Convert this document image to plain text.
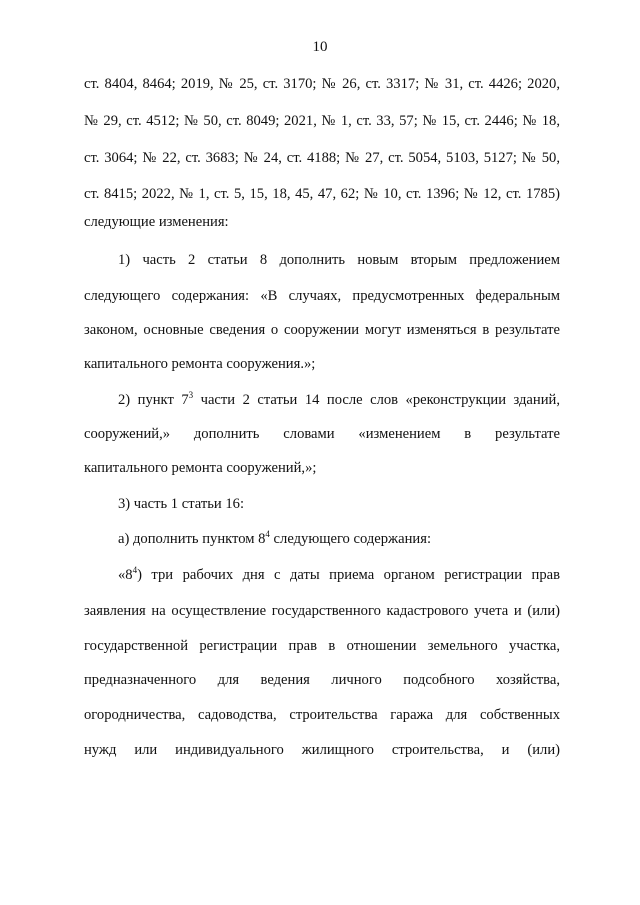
10
ст. 8404, 8464; 2019, № 25, ст. 3170; № 26, ст. 3317; № 31, ст. 4426; 2020,
№ 29, ст. 4512; № 50, ст. 8049; 2021, № 1, ст. 33, 57; № 15, ст. 2446; № 18,
ст. 3064; № 22, ст. 3683; № 24, ст. 4188; № 27, ст. 5054, 5103, 5127; № 50,
ст. 8415; 2022, № 1, ст. 5, 15, 18, 45, 47, 62; № 10, ст. 1396; № 12, ст. 1785)
следующие изменения:
1) часть 2 статьи 8 дополнить новым вторым предложением
следующего содержания: «В случаях, предусмотренных федеральным
законом, основные сведения о сооружении могут изменяться в результате
капитального ремонта сооружения.»;
2) пункт $7^3$ части 2 статьи 14 после слов «реконструкции зданий,
сооружений,» дополнить словами «изменением в результате
капитального ремонта сооружений,»;
3) часть 1 статьи 16:
а) дополнить пунктом $8^4$ следующего содержания:
«$8^4$) три рабочих дня с даты приема органом регистрации прав
заявления на осуществление государственного кадастрового учета и (или)
государственной регистрации прав в отношении земельного участка,
предназначенного для ведения личного подсобного хозяйства,
огородничества, садоводства, строительства гаража для собственных
нужд или индивидуального жилищного строительства, и (или)
